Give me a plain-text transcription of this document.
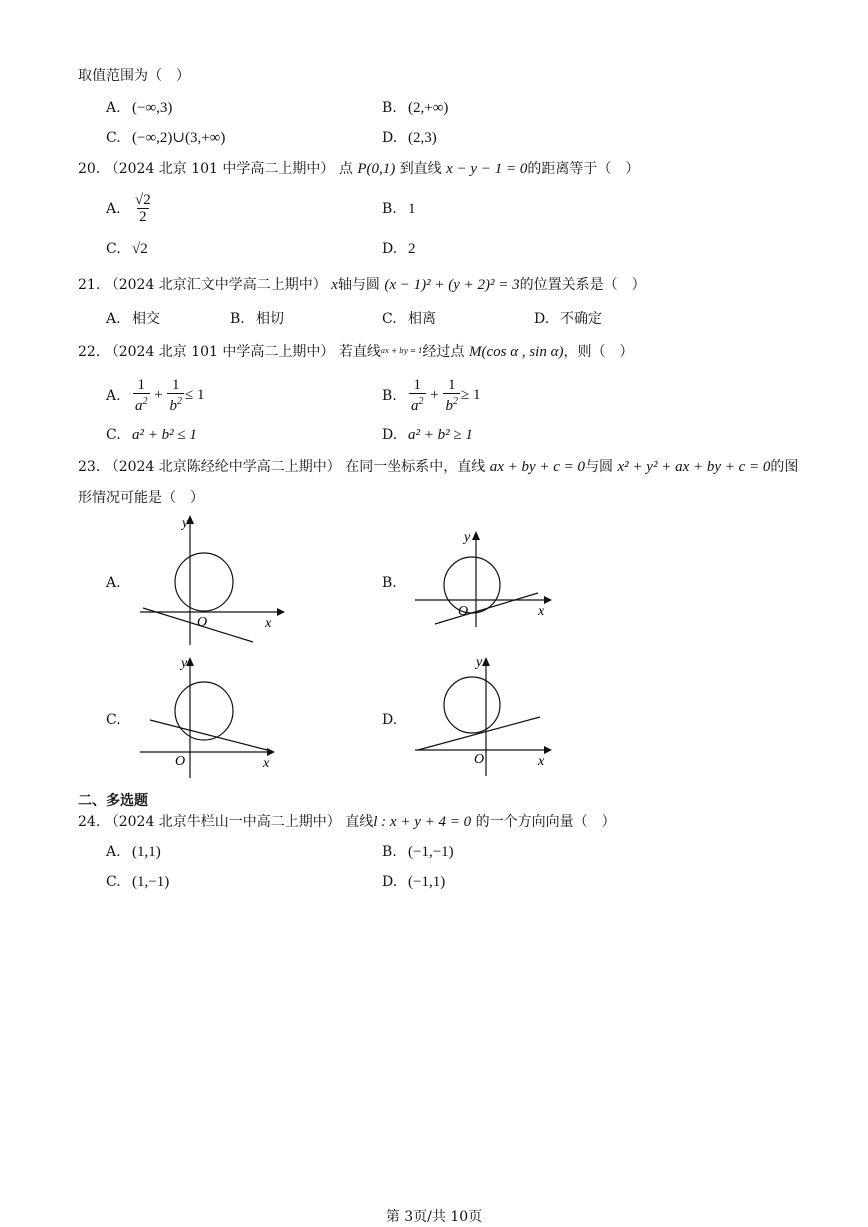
取值范围为（　）
A. (−∞,3)	B. (2,+∞)
C. (−∞,2)∪(3,+∞)	D. (2,3)
20. （2024 北京 101 中学高二上期中） 点 P(0,1) 到直线 x − y − 1 = 0的距离等于（　）
A. $\frac{√2}{2}$	B. 1
C. √2	D. 2
21. （2024 北京汇文中学高二上期中） x轴与圆 (x − 1)² + (y + 2)² = 3的位置关系是（　）
A. 相交	B. 相切	C. 相离	D. 不确定
22. （2024 北京 101 中学高二上期中） 若直线$^{ax + by = 1}$经过点 M(cos α , sin α)，则（　）
A. $\frac{1}{a^2} + \frac{1}{b^2} \le 1$	B. $\frac{1}{a^2} + \frac{1}{b^2} \ge 1$
C. a² + b² ≤ 1	D. a² + b² ≥ 1
23. （2024 北京陈经纶中学高二上期中） 在同一坐标系中，直线 ax + by + c = 0与圆 x² + y² + ax + by + c = 0的图
形情况可能是（　）
A.
O	x
y
B.
O	x
y
C.
O	x
y
D.
O	x
y
二、多选题
24. （2024 北京牛栏山一中高二上期中） 直线l : x + y + 4 = 0 的一个方向向量（　）
A. (1,1)	B. (−1,−1)
C. (1,−1)	D. (−1,1)
第 3页/共 10页
